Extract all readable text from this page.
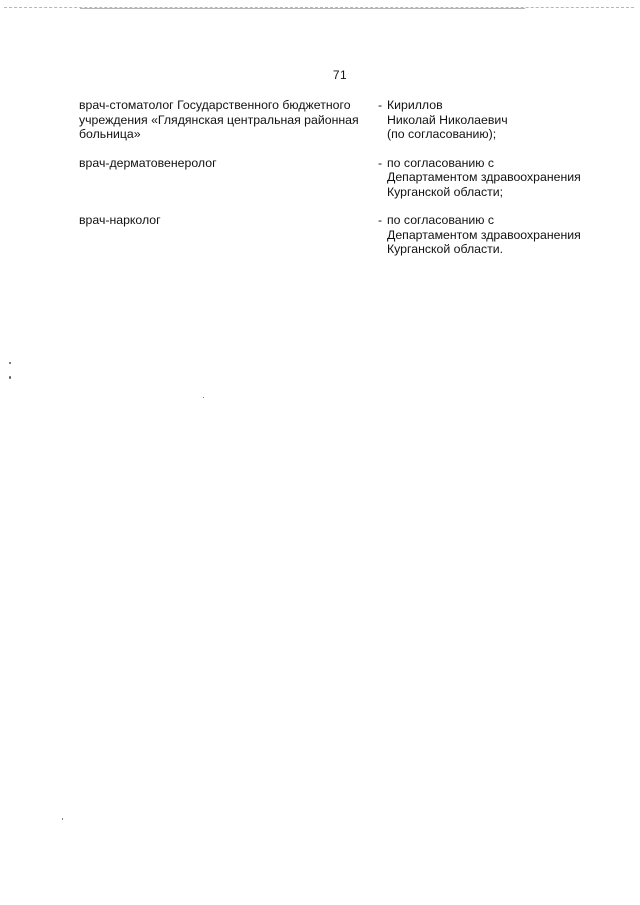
71
врач-стоматолог Государственного бюджетного
учреждения «Глядянская центральная районная
больница»
- Кириллов
Николай Николаевич
(по согласованию);
врач-дерматовенеролог	- по согласованию с
Департаментом здравоохранения
Курганской области;
врач-нарколог	- по согласованию с
Департаментом здравоохранения
Курганской области.
